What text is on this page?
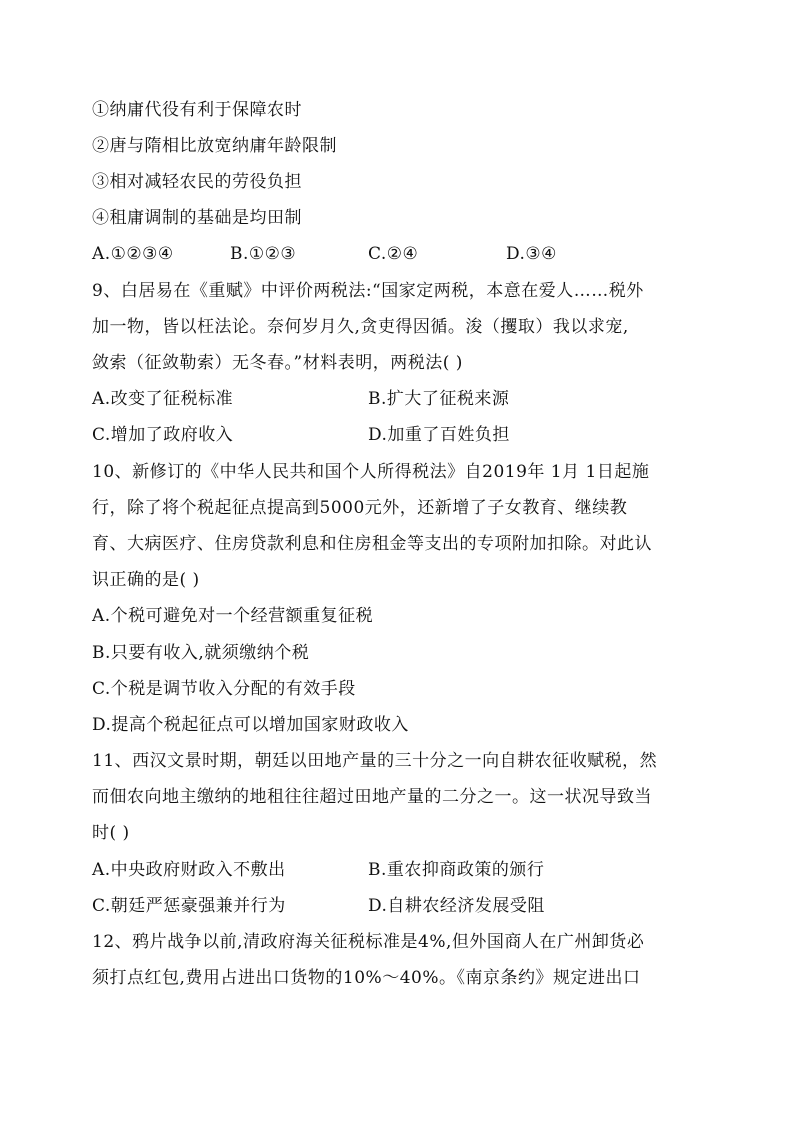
①纳庸代役有利于保障农时
②唐与隋相比放宽纳庸年龄限制
③相对减轻农民的劳役负担
④租庸调制的基础是均田制
A.①②③④	B.①②③	C.②④	D.③④
9、白居易在《重赋》中评价两税法:“国家定两税，本意在爱人……税外
加一物，皆以枉法论。奈何岁月久,贪吏得因循。浚（攫取）我以求宠,
敛索（征敛勒索）无冬春。”材料表明，两税法( )
A.改变了征税标准	B.扩大了征税来源
C.增加了政府收入	D.加重了百姓负担
10、新修订的《中华人民共和国个人所得税法》自2019年 1月 1日起施
行，除了将个税起征点提高到5000元外，还新增了子女教育、继续教
育、大病医疗、住房贷款利息和住房租金等支出的专项附加扣除。对此认
识正确的是( )
A.个税可避免对一个经营额重复征税
B.只要有收入,就须缴纳个税
C.个税是调节收入分配的有效手段
D.提高个税起征点可以增加国家财政收入
11、西汉文景时期，朝廷以田地产量的三十分之一向自耕农征收赋税，然
而佃农向地主缴纳的地租往往超过田地产量的二分之一。这一状况导致当
时( )
A.中央政府财政入不敷出	B.重农抑商政策的颁行
C.朝廷严惩豪强兼并行为	D.自耕农经济发展受阻
12、鸦片战争以前,清政府海关征税标准是4%,但外国商人在广州卸货必
须打点红包,费用占进出口货物的10%～40%。《南京条约》规定进出口
